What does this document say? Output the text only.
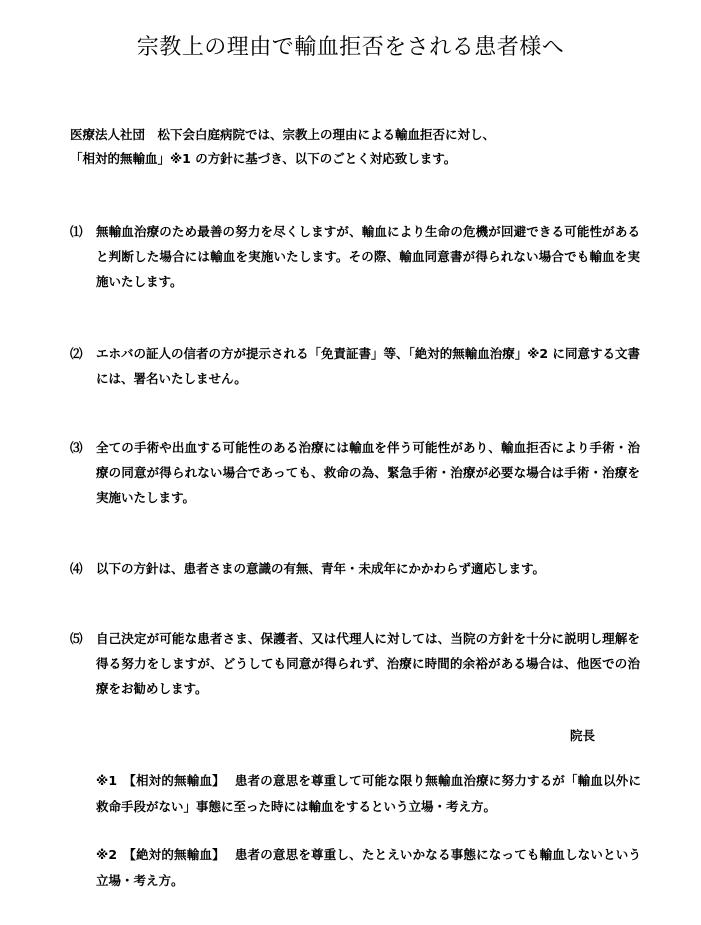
宗教上の理由で輸血拒否をされる患者様へ
医療法人社団　松下会白庭病院では、宗教上の理由による輸血拒否に対し、
「相対的無輸血」※1 の方針に基づき、以下のごとく対応致します。
⑴	無輸血治療のため最善の努力を尽くしますが、輸血により生命の危機が回避できる可能性があると判断した場合には輸血を実施いたします。その際、輸血同意書が得られない場合でも輸血を実施いたします。
⑵	エホバの証人の信者の方が提示される「免責証書」等、「絶対的無輸血治療」※2 に同意する文書には、署名いたしません。
⑶	全ての手術や出血する可能性のある治療には輸血を伴う可能性があり、輸血拒否により手術・治療の同意が得られない場合であっても、救命の為、緊急手術・治療が必要な場合は手術・治療を実施いたします。
⑷	以下の方針は、患者さまの意識の有無、青年・未成年にかかわらず適応します。
⑸	自己決定が可能な患者さま、保護者、又は代理人に対しては、当院の方針を十分に説明し理解を得る努力をしますが、どうしても同意が得られず、治療に時間的余裕がある場合は、他医での治療をお勧めします。
院長
※1 【相対的無輸血】 患者の意思を尊重して可能な限り無輸血治療に努力するが「輸血以外に救命手段がない」事態に至った時には輸血をするという立場・考え方。
※2 【絶対的無輸血】 患者の意思を尊重し、たとえいかなる事態になっても輸血しないという立場・考え方。
